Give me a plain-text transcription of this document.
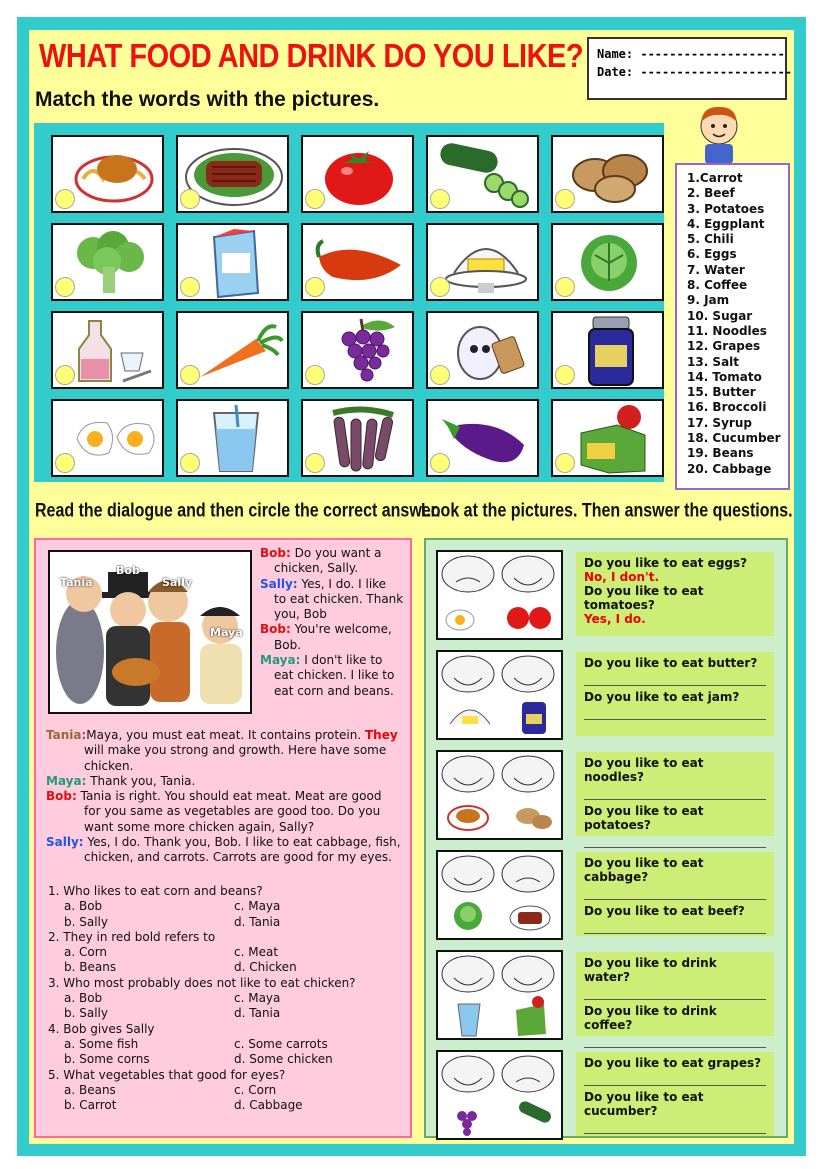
WHAT FOOD AND DRINK DO YOU LIKE? Name: --------------------
Date: ---------------------
Match the words with the pictures.
1.Carrot
2. Beef
3. Potatoes
4. Eggplant
5. Chili
6. Eggs
7. Water
8. Coffee
9. Jam
10. Sugar
11. Noodles
12. Grapes
13. Salt
14. Tomato
15. Butter
16. Broccoli
17. Syrup
18. Cucumber
19. Beans
20. Cabbage
Read the dialogue and then circle the correct answer.
Look at the pictures. Then answer the questions.
Tania
Bob
Sally
Maya

Bob: Do you want a
chicken, Sally.

Sally: Yes, I do. I like
to eat chicken. Thank you, Bob

Bob: You're welcome,
Bob.

Maya: I don't like to
eat chicken. I like to eat corn and beans.

Tania:Maya, you must eat meat. It contains protein. They
will make you strong and growth. Here have some chicken.

Maya: Thank you, Tania.

Bob: Tania is right. You should eat meat. Meat are good
for you same as vegetables are good too. Do you want some more chicken again, Sally?

Sally: Yes, I do. Thank you, Bob. I like to eat cabbage, fish,
chicken, and carrots. Carrots are good for my eyes.

1. Who likes to eat corn and beans?
a. Bob	c. Maya
b. Sally	d. Tania
2. They in red bold refers to
a. Corn	c. Meat
b. Beans	d. Chicken
3. Who most probably does not like to eat chicken?
a. Bob	c. Maya
b. Sally	d. Tania
4. Bob gives Sally
a. Some fish	c. Some carrots
b. Some corns	d. Some chicken
5. What vegetables that good for eyes?
a. Beans	c. Corn
b. Carrot	d. Cabbage
Do you like to eat eggs?
No, I don't.
Do you like to eat tomatoes?
Yes, I do.
Do you like to eat butter?
Do you like to eat jam?
Do you like to eat noodles?
Do you like to eat potatoes?
Do you like to eat cabbage?
Do you like to eat beef?
Do you like to drink water?
Do you like to drink coffee?
Do you like to eat grapes?
Do you like to eat cucumber?
